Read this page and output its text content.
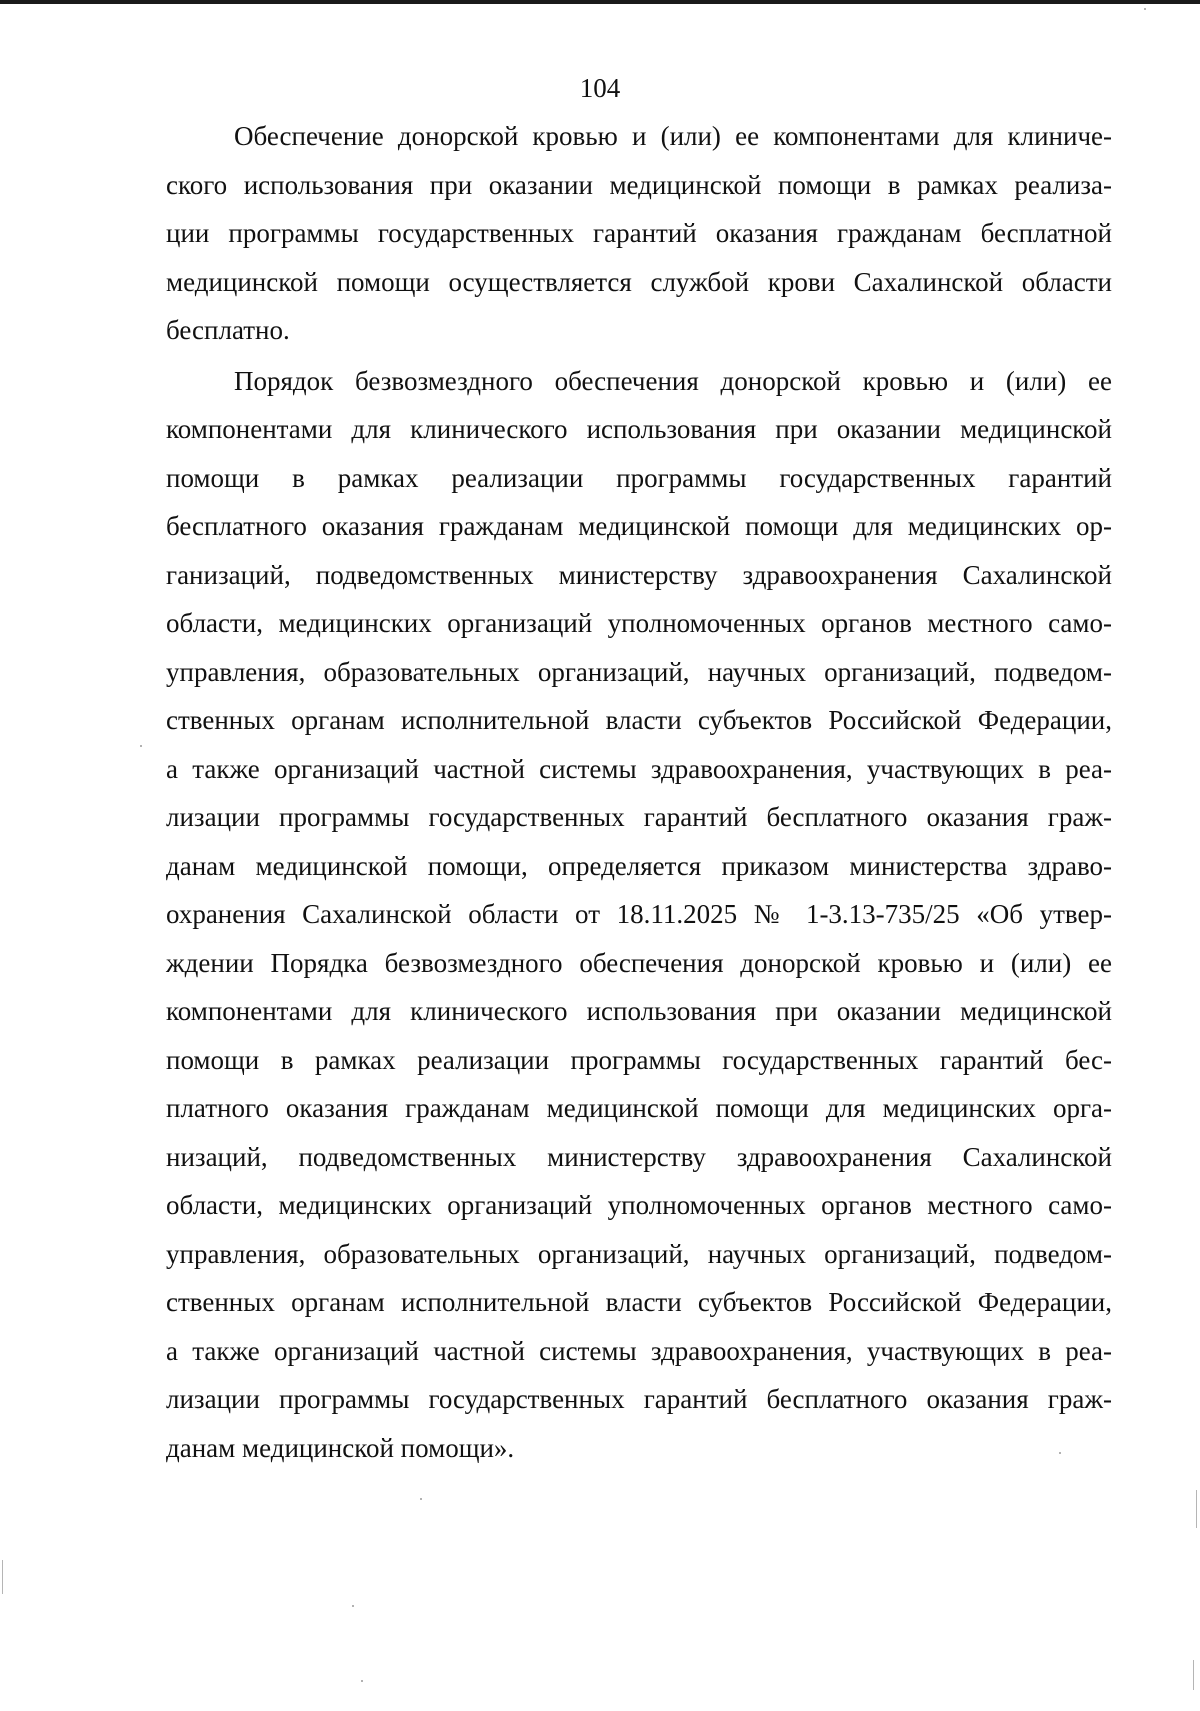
104
Обеспечение донорской кровью и (или) ее компонентами для клиниче-
ского использования при оказании медицинской помощи в рамках реализа-
ции программы государственных гарантий оказания гражданам бесплатной
медицинской помощи осуществляется службой крови Сахалинской области
бесплатно.
Порядок безвозмездного обеспечения донорской кровью и (или) ее
компонентами для клинического использования при оказании медицинской
помощи в рамках реализации программы государственных гарантий
бесплатного оказания гражданам медицинской помощи для медицинских ор-
ганизаций, подведомственных министерству здравоохранения Сахалинской
области, медицинских организаций уполномоченных органов местного само-
управления, образовательных организаций, научных организаций, подведом-
ственных органам исполнительной власти субъектов Российской Федерации,
а также организаций частной системы здравоохранения, участвующих в реа-
лизации программы государственных гарантий бесплатного оказания граж-
данам медицинской помощи, определяется приказом министерства здраво-
охранения Сахалинской области от 18.11.2025 № 1-3.13-735/25 «Об утвер-
ждении Порядка безвозмездного обеспечения донорской кровью и (или) ее
компонентами для клинического использования при оказании медицинской
помощи в рамках реализации программы государственных гарантий бес-
платного оказания гражданам медицинской помощи для медицинских орга-
низаций, подведомственных министерству здравоохранения Сахалинской
области, медицинских организаций уполномоченных органов местного само-
управления, образовательных организаций, научных организаций, подведом-
ственных органам исполнительной власти субъектов Российской Федерации,
а также организаций частной системы здравоохранения, участвующих в реа-
лизации программы государственных гарантий бесплатного оказания граж-
данам медицинской помощи».
